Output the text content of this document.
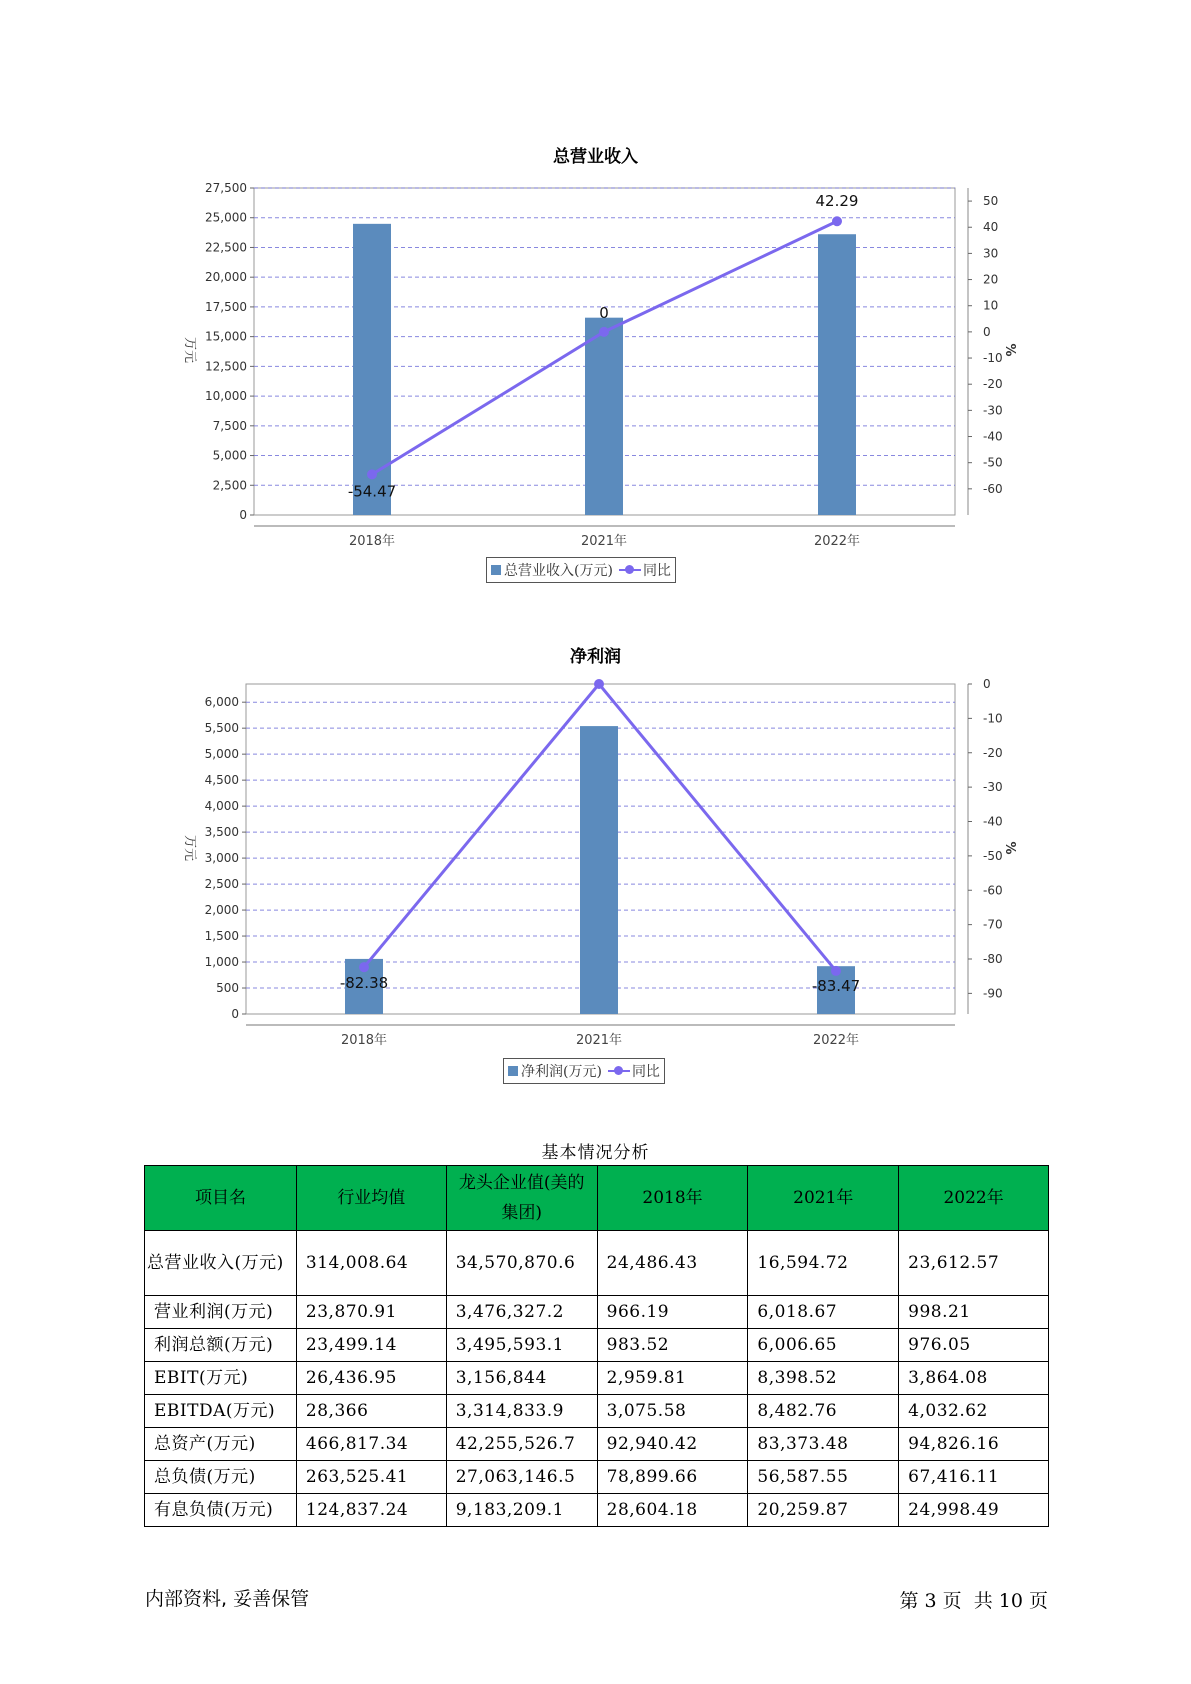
总营业收入
0
2,500
5,000
7,500
10,000
12,500
15,000
17,500
20,000
22,500
25,000
27,500
-60
-50
-40
-30
-20
-10
0
10
20
30
40
50
万元	%
2018年	2021年	2022年
-54.47
0
42.29
总营业收入(万元) 同比
净利润
0
500
1,000
1,500
2,000
2,500
3,000
3,500
4,000
4,500
5,000
5,500
6,000
0
-10
-20
-30
-40
-50
-60
-70
-80
-90
万元	%
2018年	2021年	2022年
-82.38	-83.47
净利润(万元) 同比
基本情况分析
项目名	行业均值	龙头企业值(美的集团)	2018年	2021年	2022年
总营业收入(万元)	314,008.64	34,570,870.6	24,486.43	16,594.72	23,612.57
营业利润(万元)	23,870.91	3,476,327.2	966.19	6,018.67	998.21
利润总额(万元)	23,499.14	3,495,593.1	983.52	6,006.65	976.05
EBIT(万元)	26,436.95	3,156,844	2,959.81	8,398.52	3,864.08
EBITDA(万元)	28,366	3,314,833.9	3,075.58	8,482.76	4,032.62
总资产(万元)	466,817.34	42,255,526.7	92,940.42	83,373.48	94,826.16
总负债(万元)	263,525.41	27,063,146.5	78,899.66	56,587.55	67,416.11
有息负债(万元)	124,837.24	9,183,209.1	28,604.18	20,259.87	24,998.49
内部资料, 妥善保管	第 3 页  共 10 页
